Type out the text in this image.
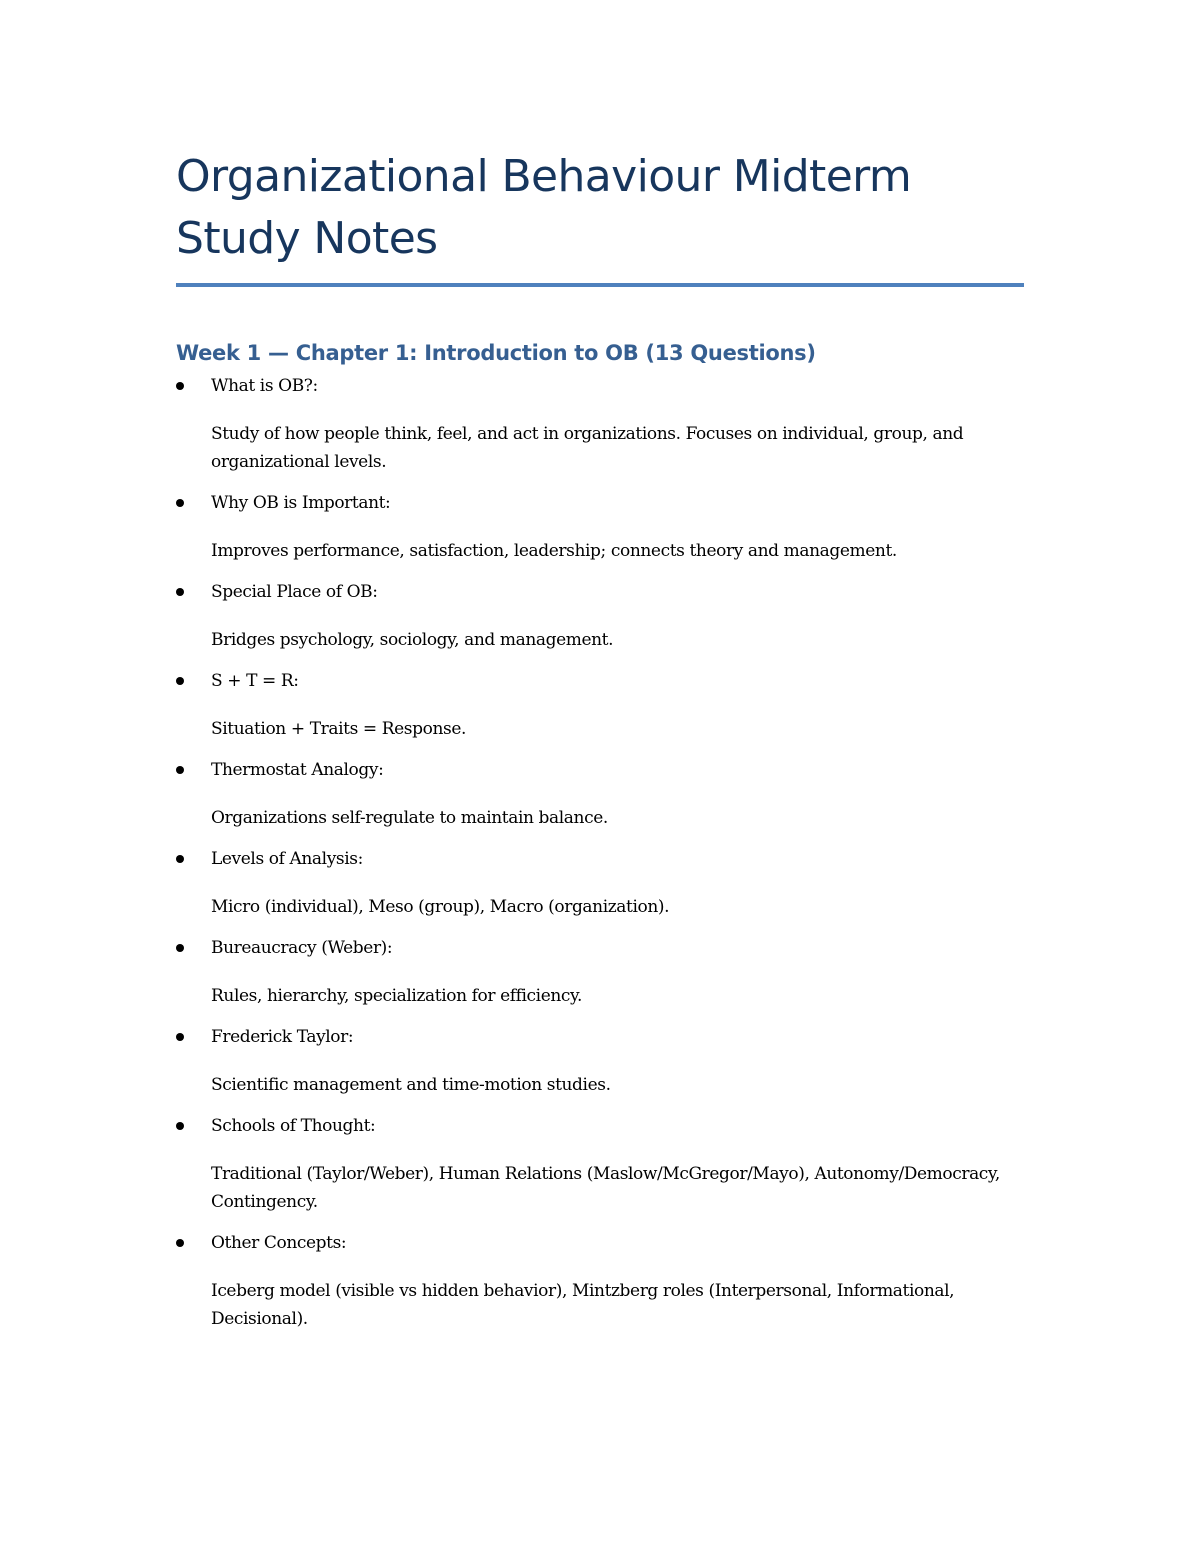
Organizational Behaviour Midterm
Study Notes
Week 1 — Chapter 1: Introduction to OB (13 Questions)
What is OB?:
Study of how people think, feel, and act in organizations. Focuses on individual, group, and organizational levels.
Why OB is Important:
Improves performance, satisfaction, leadership; connects theory and management.
Special Place of OB:
Bridges psychology, sociology, and management.
S + T = R:
Situation + Traits = Response.
Thermostat Analogy:
Organizations self-regulate to maintain balance.
Levels of Analysis:
Micro (individual), Meso (group), Macro (organization).
Bureaucracy (Weber):
Rules, hierarchy, specialization for efficiency.
Frederick Taylor:
Scientific management and time-motion studies.
Schools of Thought:
Traditional (Taylor/Weber), Human Relations (Maslow/McGregor/Mayo), Autonomy/Democracy, Contingency.
Other Concepts:
Iceberg model (visible vs hidden behavior), Mintzberg roles (Interpersonal, Informational, Decisional).
